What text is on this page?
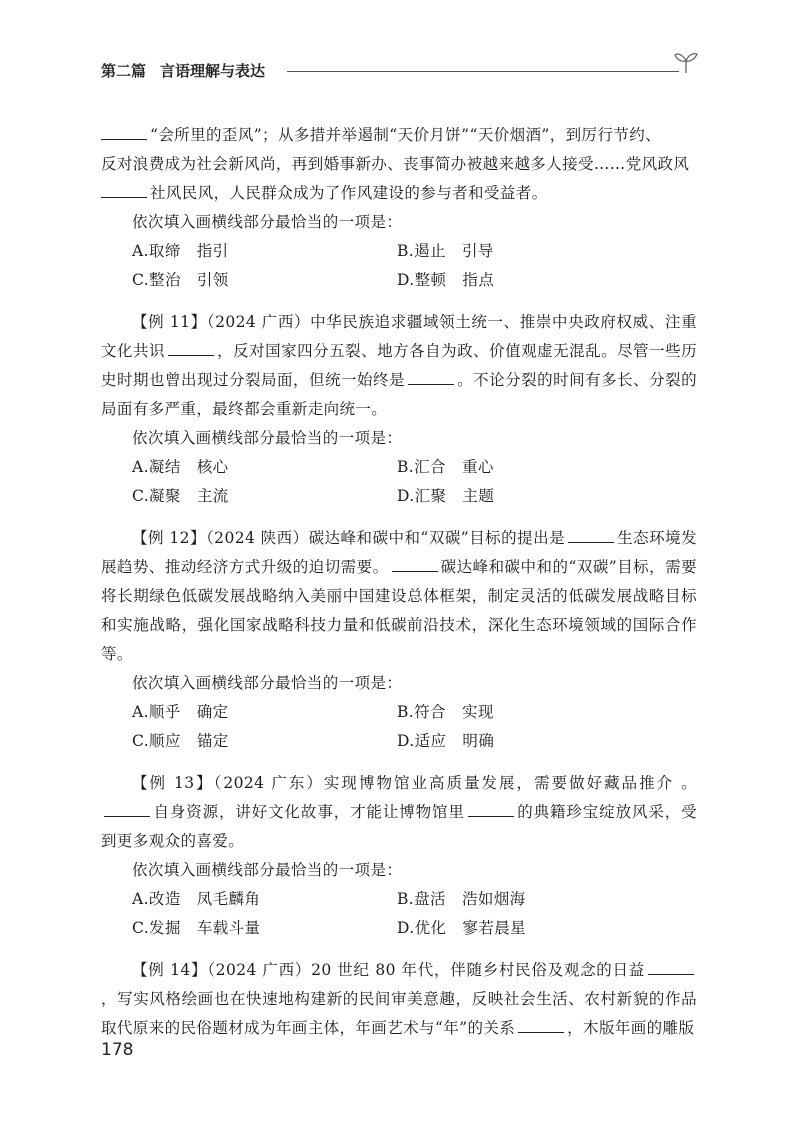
第二篇 言语理解与表达

“会所里的歪风”；从多措并举遏制“天价月饼”“天价烟酒”，到厉行节约、

反对浪费成为社会新风尚，再到婚事新办、丧事简办被越来越多人接受……党风政风

社风民风，人民群众成为了作风建设的参与者和受益者。

依次填入画横线部分最恰当的一项是：

A.取缔 指引	B.遏止 引导
C.整治 引领	D.整顿 指点

【例 11】（2024 广西）中华民族追求疆域领土统一、推崇中央政府权威、注重文化共识	，反对国家四分五裂、地方各自为政、价值观虚无混乱。尽管一些历史时期也曾出现过分裂局面，但统一始终是	。不论分裂的时间有多长、分裂的局面有多严重，最终都会重新走向统一。

依次填入画横线部分最恰当的一项是：

A.凝结 核心	B.汇合 重心
C.凝聚 主流	D.汇聚 主题

【例 12】（2024 陕西）碳达峰和碳中和“双碳”目标的提出是	生态环境发展趋势、推动经济方式升级的迫切需要。	碳达峰和碳中和的“双碳”目标，需要将长期绿色低碳发展战略纳入美丽中国建设总体框架，制定灵活的低碳发展战略目标和实施战略，强化国家战略科技力量和低碳前沿技术，深化生态环境领域的国际合作等。

依次填入画横线部分最恰当的一项是：

A.顺乎 确定	B.符合 实现
C.顺应 锚定	D.适应 明确

【例 13】（2024 广东）实现博物馆业高质量发展，需要做好藏品推介 。自身资源，讲好文化故事，才能让博物馆里	的典籍珍宝绽放风采，受到更多观众的喜爱。

依次填入画横线部分最恰当的一项是：

A.改造 凤毛麟角	B.盘活 浩如烟海
C.发掘 车载斗量	D.优化 寥若晨星

【例 14】（2024 广西）20 世纪 80 年代，伴随乡村民俗及观念的日益，写实风格绘画也在快速地构建新的民间审美意趣，反映社会生活、农村新貌的作品取代原来的民俗题材成为年画主体，年画艺术与“年”的关系	，木版年画的雕版

178
